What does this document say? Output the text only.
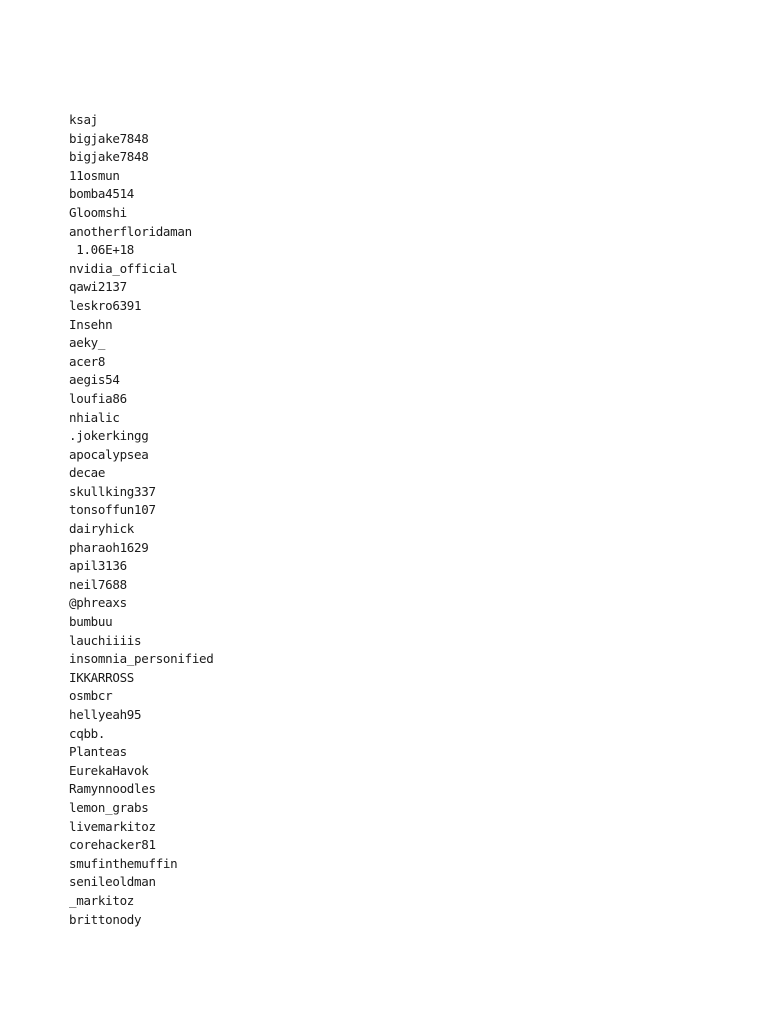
ksaj
bigjake7848
bigjake7848
11osmun
bomba4514
Gloomshi
anotherfloridaman
1.06E+18
nvidia_official
qawi2137
leskro6391
Insehn
aeky_
acer8
aegis54
loufia86
nhialic
.jokerkingg
apocalypsea
decae
skullking337
tonsoffun107
dairyhick
pharaoh1629
apil3136
neil7688
@phreaxs
bumbuu
lauchiiiis
insomnia_personified
IKKARROSS
osmbcr
hellyeah95
cqbb.
Planteas
EurekaHavok
Ramynnoodles
lemon_grabs
livemarkitoz
corehacker81
smufinthemuffin
senileoldman
_markitoz
brittonody
